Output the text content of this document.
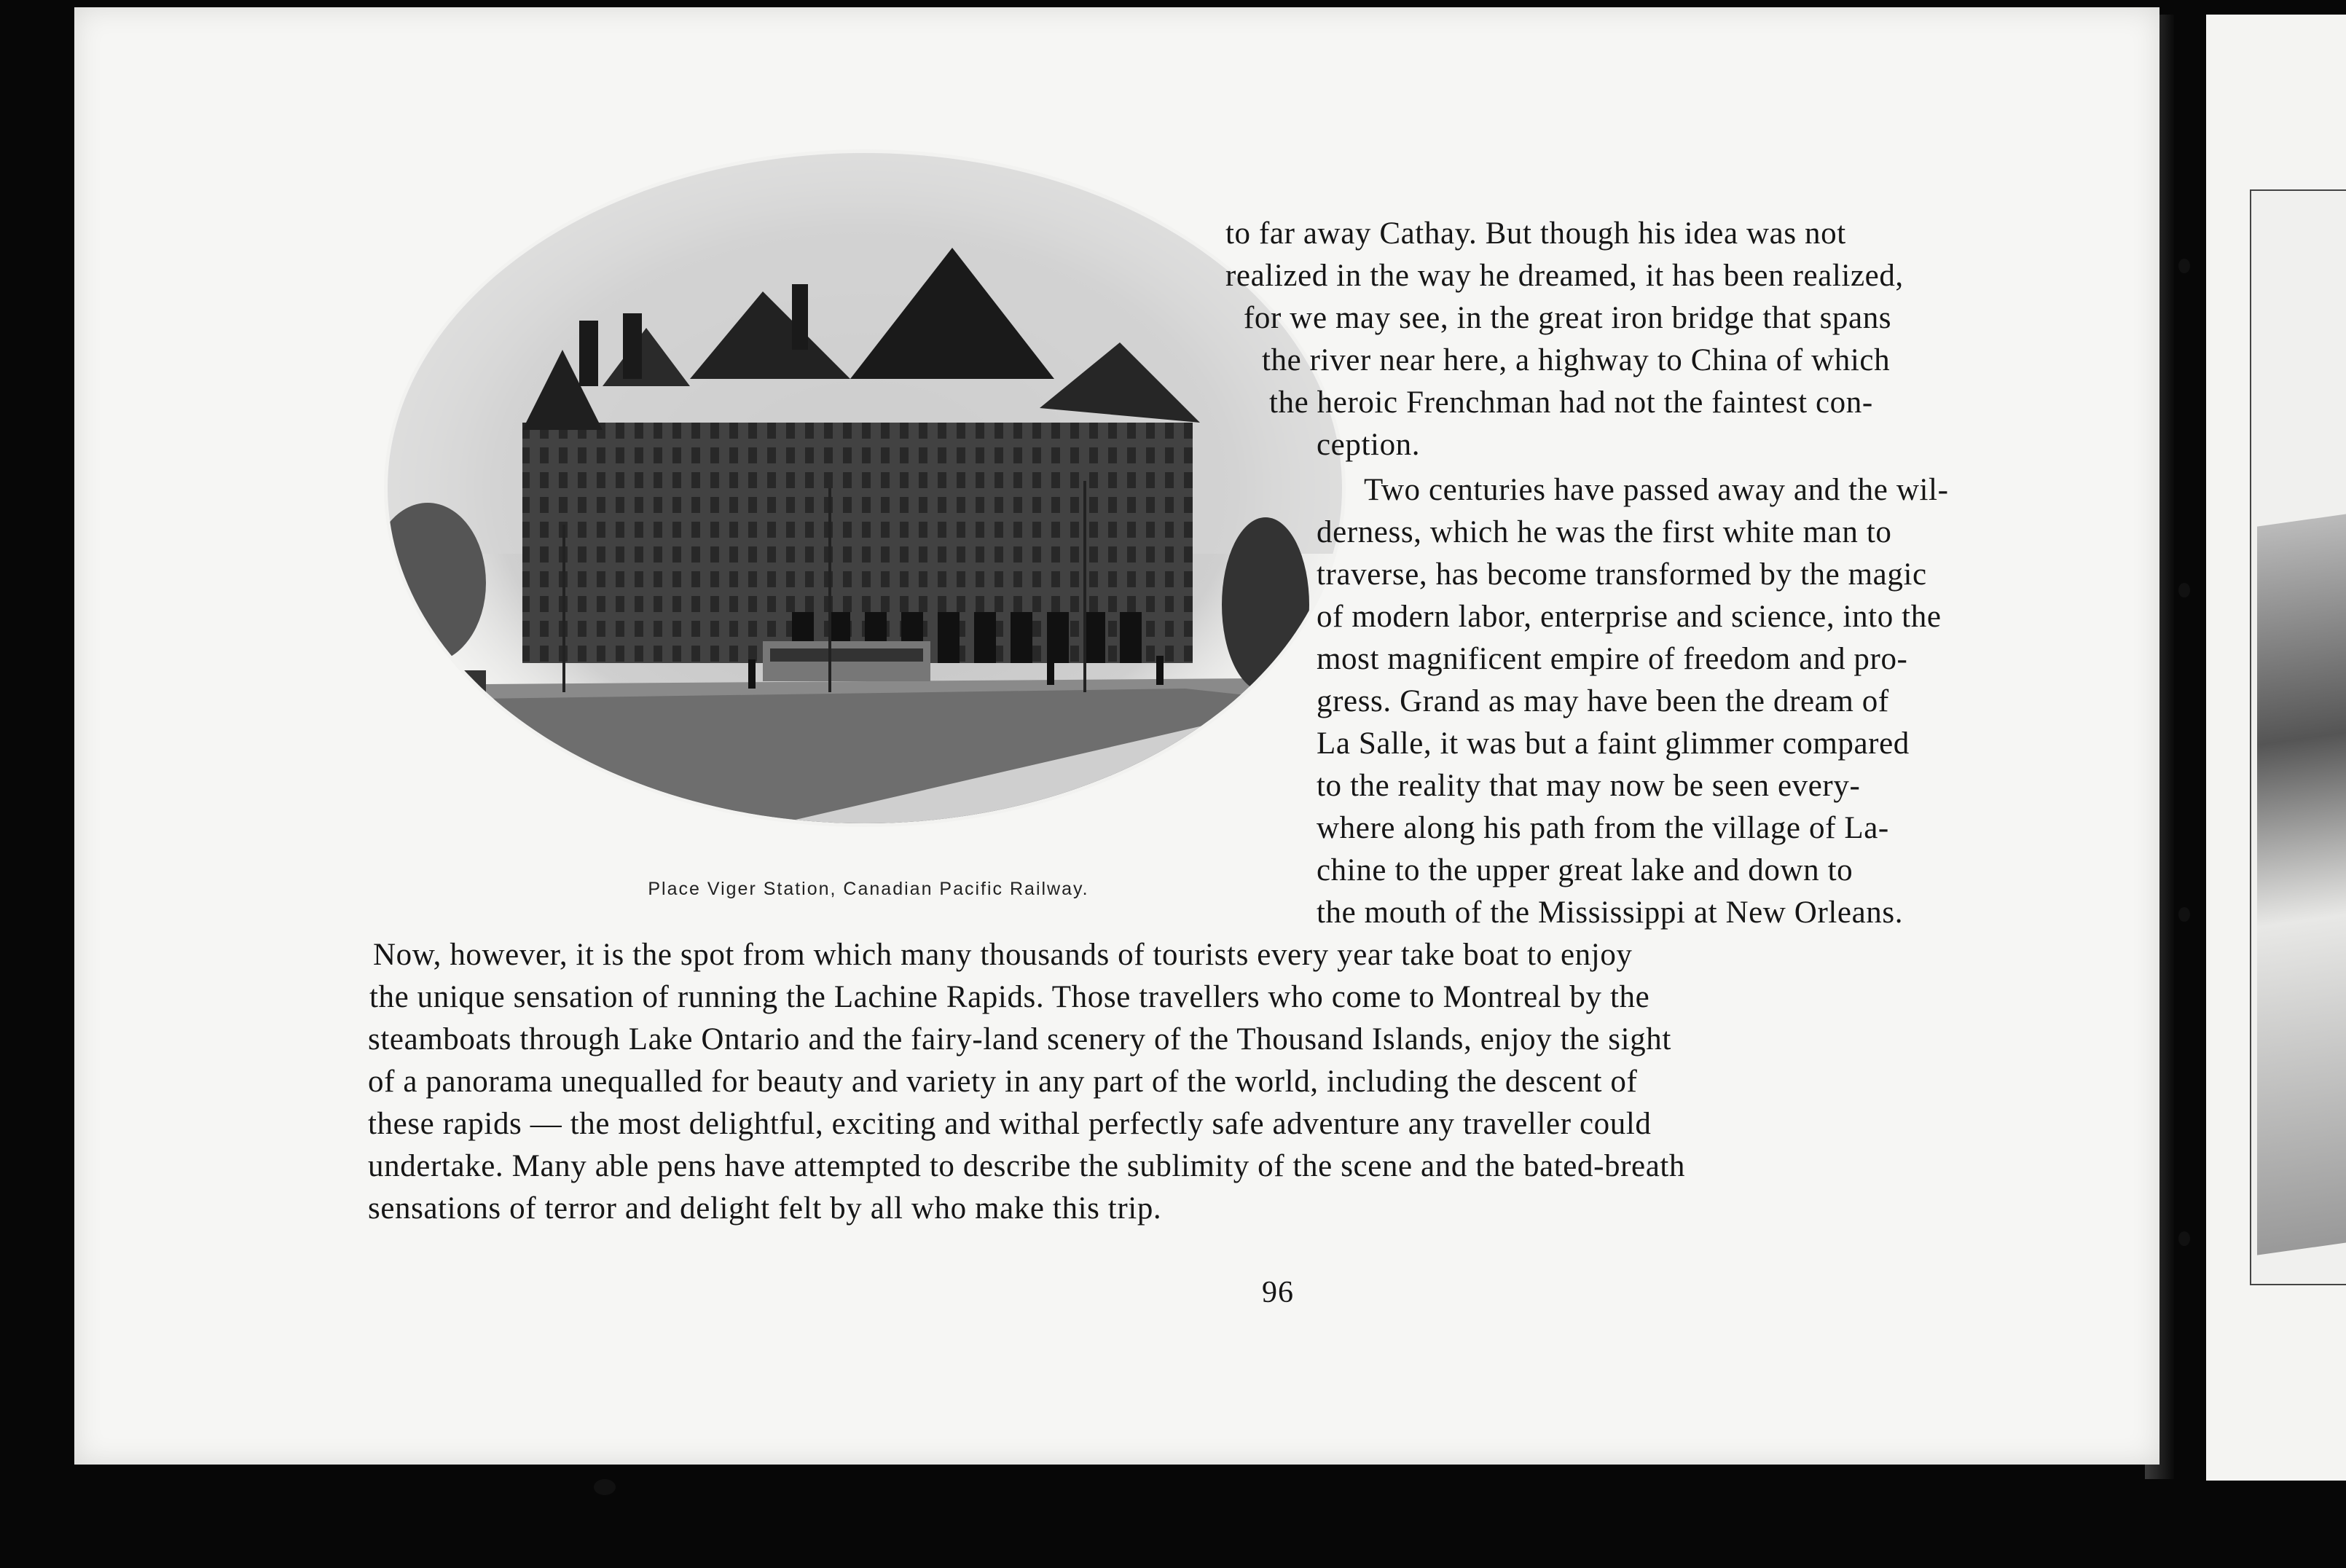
Place Viger Station, Canadian Pacific Railway.
to far away Cathay. But though his idea was not
realized in the way he dreamed, it has been realized,
for we may see, in the great iron bridge that spans
the river near here, a highway to China of which
the heroic Frenchman had not the faintest con-
ception.
Two centuries have passed away and the wil-
derness, which he was the first white man to
traverse, has become transformed by the magic
of modern labor, enterprise and science, into the
most magnificent empire of freedom and pro-
gress. Grand as may have been the dream of
La Salle, it was but a faint glimmer compared
to the reality that may now be seen every-
where along his path from the village of La-
chine to the upper great lake and down to
the mouth of the Mississippi at New Orleans.
Now, however, it is the spot from which many thousands of tourists every year take boat to enjoy
the unique sensation of running the Lachine Rapids. Those travellers who come to Montreal by the
steamboats through Lake Ontario and the fairy-land scenery of the Thousand Islands, enjoy the sight
of a panorama unequalled for beauty and variety in any part of the world, including the descent of
these rapids — the most delightful, exciting and withal perfectly safe adventure any traveller could
undertake. Many able pens have attempted to describe the sublimity of the scene and the bated-breath
sensations of terror and delight felt by all who make this trip.
96
